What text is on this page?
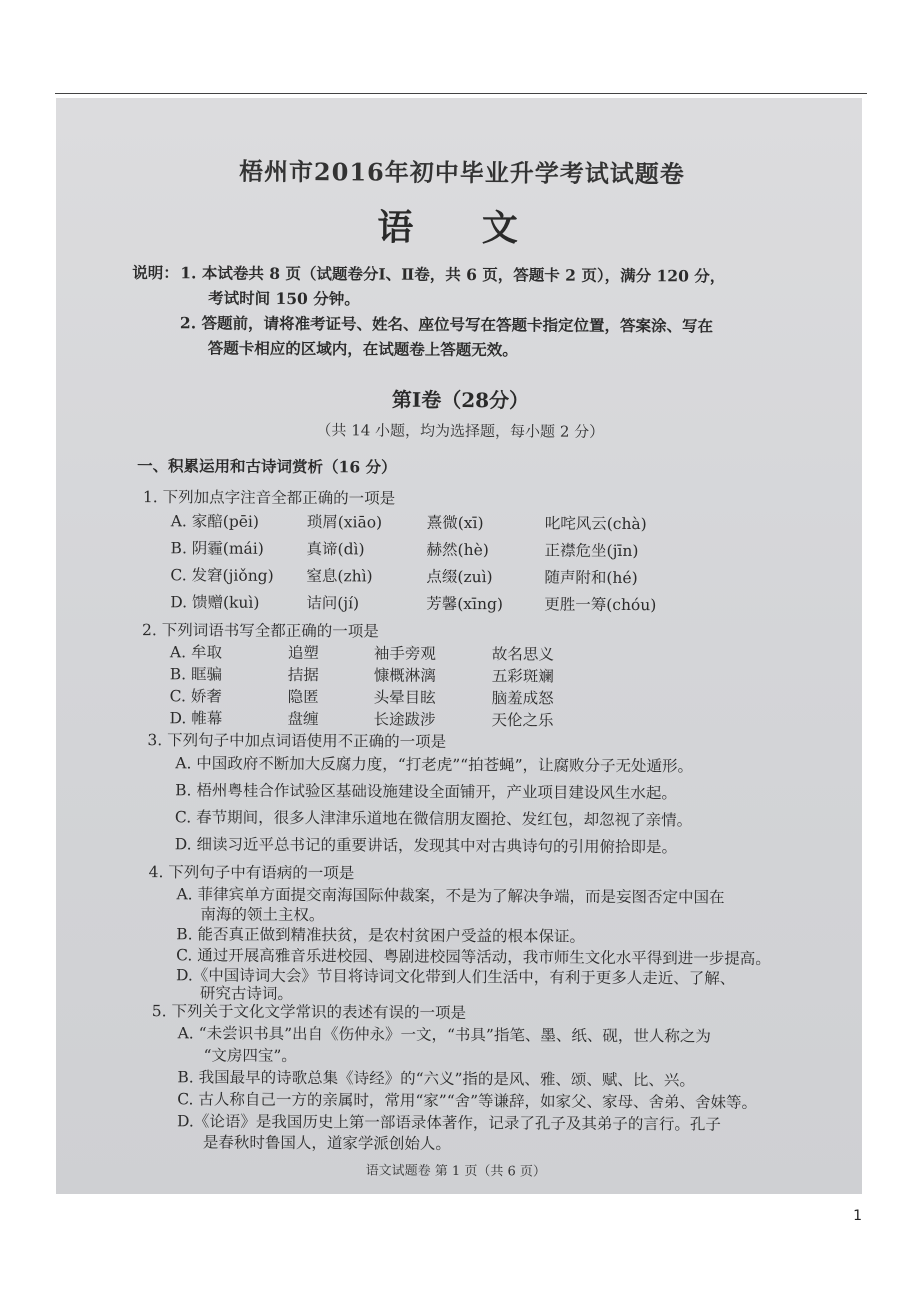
梧州市2016年初中毕业升学考试试题卷
语 文
说明： 1. 本试卷共 8 页（试题卷分Ⅰ、Ⅱ卷，共 6 页，答题卡 2 页），满分 120 分，
考试时间 150 分钟。
2. 答题前，请将准考证号、姓名、座位号写在答题卡指定位置，答案涂、写在
答题卡相应的区域内，在试题卷上答题无效。
第Ⅰ卷（28分）
（共 14 小题，均为选择题，每小题 2 分）
一、积累运用和古诗词赏析（16 分）
1. 下列加点字注音全都正确的一项是
A. 家醅(pēi)	琐屑(xiāo)	熹微(xī)	叱咤风云(chà)
B. 阴霾(mái)	真谛(dì)	赫然(hè)	正襟危坐(jīn)
C. 发窘(jiǒng) 窒息(zhì)	点缀(zuì)	随声附和(hé)
D. 馈赠(kuì)	诘问(jí)	芳馨(xīng)	更胜一筹(chóu)
2. 下列词语书写全都正确的一项是
A. 牟取	追塑	袖手旁观	故名思义
B. 眶骗	拮据	慷概淋漓	五彩斑斓
C. 娇奢	隐匿	头晕目眩	脑羞成怒
D. 帷幕	盘缠	长途跋涉	天伦之乐
3. 下列句子中加点词语使用不正确的一项是
A. 中国政府不断加大反腐力度，“打老虎”“拍苍蝇”，让腐败分子无处遁形。
B. 梧州粤桂合作试验区基础设施建设全面铺开，产业项目建设风生水起。
C. 春节期间，很多人津津乐道地在微信朋友圈抢、发红包，却忽视了亲情。
D. 细读习近平总书记的重要讲话，发现其中对古典诗句的引用俯拾即是。
4. 下列句子中有语病的一项是
A. 菲律宾单方面提交南海国际仲裁案，不是为了解决争端，而是妄图否定中国在
南海的领土主权。
B. 能否真正做到精准扶贫，是农村贫困户受益的根本保证。
C. 通过开展高雅音乐进校园、粤剧进校园等活动，我市师生文化水平得到进一步提高。
D.《中国诗词大会》节目将诗词文化带到人们生活中，有利于更多人走近、了解、
研究古诗词。
5. 下列关于文化文学常识的表述有误的一项是
A. “未尝识书具”出自《伤仲永》一文，“书具”指笔、墨、纸、砚，世人称之为
“文房四宝”。
B. 我国最早的诗歌总集《诗经》的“六义”指的是风、雅、颂、赋、比、兴。
C. 古人称自己一方的亲属时，常用“家”“舍”等谦辞，如家父、家母、舍弟、舍妹等。
D.《论语》是我国历史上第一部语录体著作，记录了孔子及其弟子的言行。孔子
语文试题卷 第 1 页（共 6 页）
是春秋时鲁国人，道家学派创始人。
1
